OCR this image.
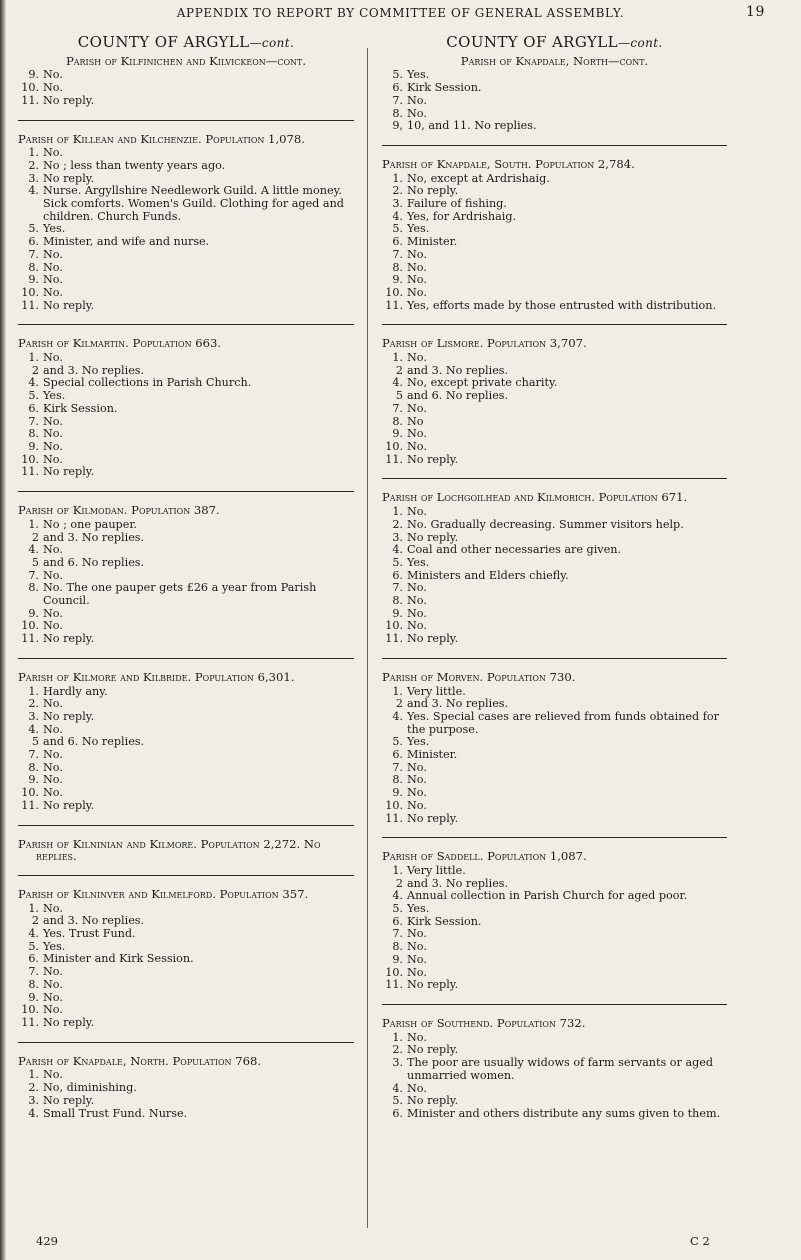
APPENDIX TO REPORT BY COMMITTEE OF GENERAL ASSEMBLY.	19
COUNTY OF ARGYLL—cont.
Parish of Kilfinichen and Kilvickeon—cont.
9. No.
10. No.
11. No reply.
Parish of Killean and Kilchenzie. Population 1,078.
1. No.
2. No ; less than twenty years ago.
3. No reply.
4. Nurse. Argyllshire Needlework Guild. A little money. Sick comforts. Women's Guild. Clothing for aged and children. Church Funds.
5. Yes.
6. Minister, and wife and nurse.
7. No.
8. No.
9. No.
10. No.
11. No reply.
Parish of Kilmartin. Population 663.
1. No.
2 and 3. No replies.
4. Special collections in Parish Church.
5. Yes.
6. Kirk Session.
7. No.
8. No.
9. No.
10. No.
11. No reply.
Parish of Kilmodan. Population 387.
1. No ; one pauper.
2 and 3. No replies.
4. No.
5 and 6. No replies.
7. No.
8. No. The one pauper gets £26 a year from Parish Council.
9. No.
10. No.
11. No reply.
Parish of Kilmore and Kilbride. Population 6,301.
1. Hardly any.
2. No.
3. No reply.
4. No.
5 and 6. No replies.
7. No.
8. No.
9. No.
10. No.
11. No reply.
Parish of Kilninian and Kilmore. Population 2,272. No replies.
Parish of Kilninver and Kilmelford. Population 357.
1. No.
2 and 3. No replies.
4. Yes. Trust Fund.
5. Yes.
6. Minister and Kirk Session.
7. No.
8. No.
9. No.
10. No.
11. No reply.
Parish of Knapdale, North. Population 768.
1. No.
2. No, diminishing.
3. No reply.
4. Small Trust Fund. Nurse.
COUNTY OF ARGYLL—cont.
Parish of Knapdale, North—cont.
5. Yes.
6. Kirk Session.
7. No.
8. No.
9, 10, and 11. No replies.
Parish of Knapdale, South. Population 2,784.
1. No, except at Ardrishaig.
2. No reply.
3. Failure of fishing.
4. Yes, for Ardrishaig.
5. Yes.
6. Minister.
7. No.
8. No.
9. No.
10. No.
11. Yes, efforts made by those entrusted with distribution.
Parish of Lismore. Population 3,707.
1. No.
2 and 3. No replies.
4. No, except private charity.
5 and 6. No replies.
7. No.
8. No
9. No.
10. No.
11. No reply.
Parish of Lochgoilhead and Kilmorich. Population 671.
1. No.
2. No. Gradually decreasing. Summer visitors help.
3. No reply.
4. Coal and other necessaries are given.
5. Yes.
6. Ministers and Elders chiefly.
7. No.
8. No.
9. No.
10. No.
11. No reply.
Parish of Morven. Population 730.
1. Very little.
2 and 3. No replies.
4. Yes. Special cases are relieved from funds obtained for the purpose.
5. Yes.
6. Minister.
7. No.
8. No.
9. No.
10. No.
11. No reply.
Parish of Saddell. Population 1,087.
1. Very little.
2 and 3. No replies.
4. Annual collection in Parish Church for aged poor.
5. Yes.
6. Kirk Session.
7. No.
8. No.
9. No.
10. No.
11. No reply.
Parish of Southend. Population 732.
1. No.
2. No reply.
3. The poor are usually widows of farm servants or aged unmarried women.
4. No.
5. No reply.
6. Minister and others distribute any sums given to them.
429	C 2
